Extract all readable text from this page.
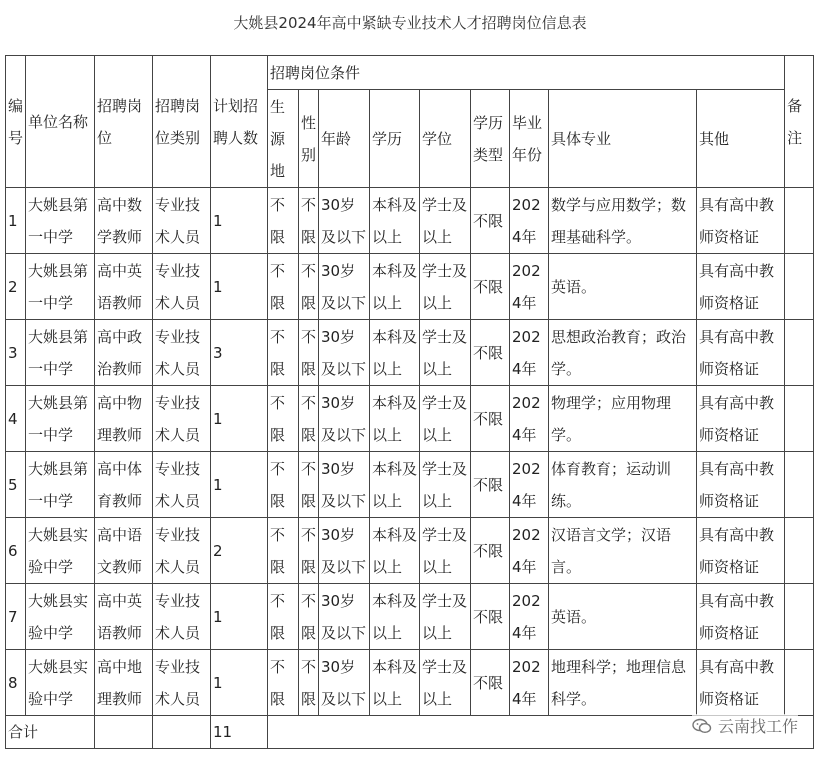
大姚县2024年高中紧缺专业技术人才招聘岗位信息表
编号	单位名称	招聘岗位	招聘岗位类别	计划招聘人数	招聘岗位条件									备注
					生源地	性别	年龄	学历	学位	学历类型	毕业年份	具体专业	其他	
1	大姚县第一中学	高中数学教师	专业技术人员	1	不限	不限	30岁及以下	本科及以上	学士及以上	不限	2024年	数学与应用数学；数理基础科学。	具有高中教师资格证	
2	大姚县第一中学	高中英语教师	专业技术人员	1	不限	不限	30岁及以下	本科及以上	学士及以上	不限	2024年	英语。	具有高中教师资格证	
3	大姚县第一中学	高中政治教师	专业技术人员	3	不限	不限	30岁及以下	本科及以上	学士及以上	不限	2024年	思想政治教育；政治学。	具有高中教师资格证	
4	大姚县第一中学	高中物理教师	专业技术人员	1	不限	不限	30岁及以下	本科及以上	学士及以上	不限	2024年	物理学；应用物理学。	具有高中教师资格证	
5	大姚县第一中学	高中体育教师	专业技术人员	1	不限	不限	30岁及以下	本科及以上	学士及以上	不限	2024年	体育教育；运动训练。	具有高中教师资格证	
6	大姚县实验中学	高中语文教师	专业技术人员	2	不限	不限	30岁及以下	本科及以上	学士及以上	不限	2024年	汉语言文学；汉语言。	具有高中教师资格证	
7	大姚县实验中学	高中英语教师	专业技术人员	1	不限	不限	30岁及以下	本科及以上	学士及以上	不限	2024年	英语。	具有高中教师资格证	
8	大姚县实验中学	高中地理教师	专业技术人员	1	不限	不限	30岁及以下	本科及以上	学士及以上	不限	2024年	地理科学；地理信息科学。	具有高中教师资格证	
合计				11											云南找工作
